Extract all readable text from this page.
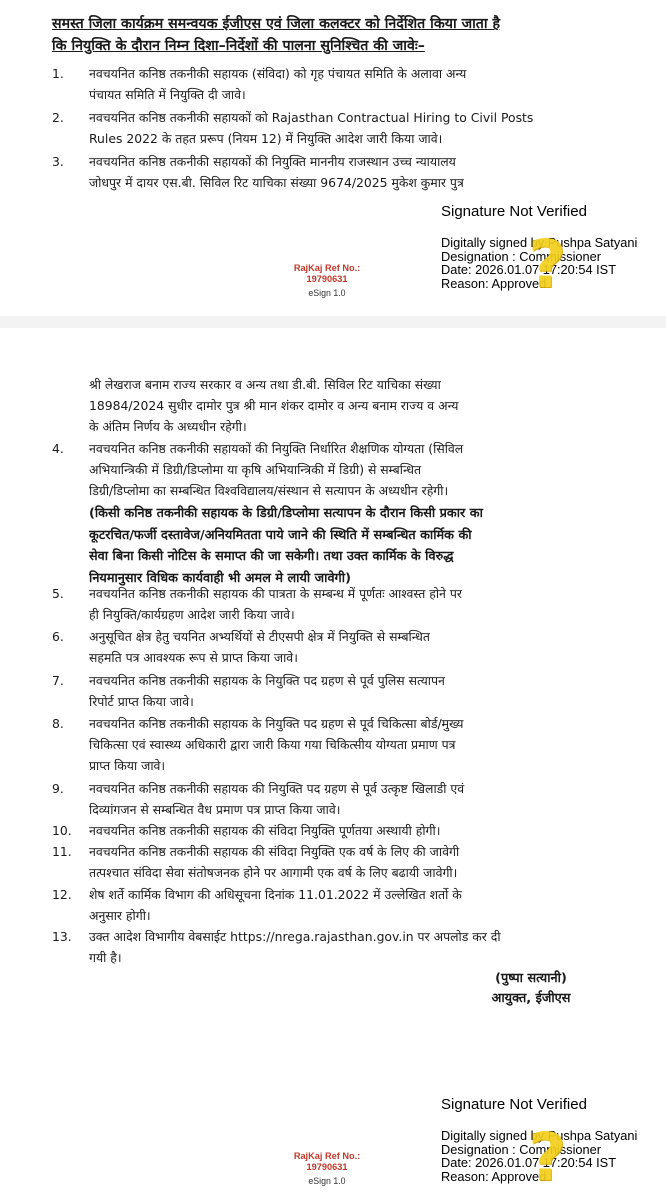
समस्त जिला कार्यक्रम समन्वयक ईजीएस एवं जिला कलक्टर को निर्देशित किया जाता है
कि नियुक्ति के दौरान निम्न दिशा–निर्देशों की पालना सुनिश्चित की जावेः–
1.	नवचयनित कनिष्ठ तकनीकी सहायक (संविदा) को गृह पंचायत समिति के अलावा अन्य
पंचायत समिति में नियुक्ति दी जावे।
2.	नवचयनित कनिष्ठ तकनीकी सहायकों को Rajasthan Contractual Hiring to Civil Posts
Rules 2022 के तहत प्ररूप (नियम 12) में नियुक्ति आदेश जारी किया जावे।
3.	नवचयनित कनिष्ठ तकनीकी सहायकों की नियुक्ति माननीय राजस्थान उच्च न्यायालय
जोधपुर में दायर एस.बी. सिविल रिट याचिका संख्या 9674/2025 मुकेश कुमार पुत्र
Signature Not Verified
Digitally signed by Pushpa Satyani
Designation : Commissioner
Date: 2026.01.07 17:20:54 IST
Reason: Approved
?
RajKaj Ref No.:
19790631
eSign 1.0
श्री लेखराज बनाम राज्य सरकार व अन्य तथा डी.बी. सिविल रिट याचिका संख्या
18984/2024 सुधीर दामोर पुत्र श्री मान शंकर दामोर व अन्य बनाम राज्य व अन्य
के अंतिम निर्णय के अध्यधीन रहेगी।
4.	नवचयनित कनिष्ठ तकनीकी सहायकों की नियुक्ति निर्धारित शैक्षणिक योग्यता (सिविल
अभियान्त्रिकी में डिग्री/डिप्लोमा या कृषि अभियान्त्रिकी में डिग्री) से सम्बन्धित
डिग्री/डिप्लोमा का सम्बन्धित विश्वविद्यालय/संस्थान से सत्यापन के अध्यधीन रहेगी।
(किसी कनिष्ठ तकनीकी सहायक के डिग्री/डिप्लोमा सत्यापन के दौरान किसी प्रकार का
कूटरचित/फर्जी दस्तावेज/अनियमितता पाये जाने की स्थिति में सम्बन्धित कार्मिक की
सेवा बिना किसी नोटिस के समाप्त की जा सकेगी। तथा उक्त कार्मिक के विरुद्ध
नियमानुसार विधिक कार्यवाही भी अमल मे लायी जावेगी)
5.	नवचयनित कनिष्ठ तकनीकी सहायक की पात्रता के सम्बन्ध में पूर्णतः आश्वस्त होने पर
ही नियुक्ति/कार्यग्रहण आदेश जारी किया जावे।
6.	अनुसूचित क्षेत्र हेतु चयनित अभ्यर्थियों से टीएसपी क्षेत्र में नियुक्ति से सम्बन्धित
सहमति पत्र आवश्यक रूप से प्राप्त किया जावे।
7.	नवचयनित कनिष्ठ तकनीकी सहायक के नियुक्ति पद ग्रहण से पूर्व पुलिस सत्यापन
रिपोर्ट प्राप्त किया जावे।
8.	नवचयनित कनिष्ठ तकनीकी सहायक के नियुक्ति पद ग्रहण से पूर्व चिकित्सा बोर्ड/मुख्य
चिकित्सा एवं स्वास्थ्य अधिकारी द्वारा जारी किया गया चिकित्सीय योग्यता प्रमाण पत्र
प्राप्त किया जावे।
9.	नवचयनित कनिष्ठ तकनीकी सहायक की नियुक्ति पद ग्रहण से पूर्व उत्कृष्ट खिलाडी एवं
दिव्यांगजन से सम्बन्धित वैध प्रमाण पत्र प्राप्त किया जावे।
10.	नवचयनित कनिष्ठ तकनीकी सहायक की संविदा नियुक्ति पूर्णतया अस्थायी होगी।
11.	नवचयनित कनिष्ठ तकनीकी सहायक की संविदा नियुक्ति एक वर्ष के लिए की जावेगी
तत्पश्चात संविदा सेवा संतोषजनक होने पर आगामी एक वर्ष के लिए बढायी जावेगी।
12.	शेष शर्ते कार्मिक विभाग की अधिसूचना दिनांक 11.01.2022 में उल्लेखित शर्तो के
अनुसार होगी।
13.	उक्त आदेश विभागीय वेबसाईट https://nrega.rajasthan.gov.in पर अपलोड कर दी
गयी है।
(पुष्पा सत्यानी)
आयुक्त, ईजीएस
Signature Not Verified
Digitally signed by Pushpa Satyani
Designation : Commissioner
Date: 2026.01.07 17:20:54 IST
Reason: Approved
?
RajKaj Ref No.:
19790631
eSign 1.0
